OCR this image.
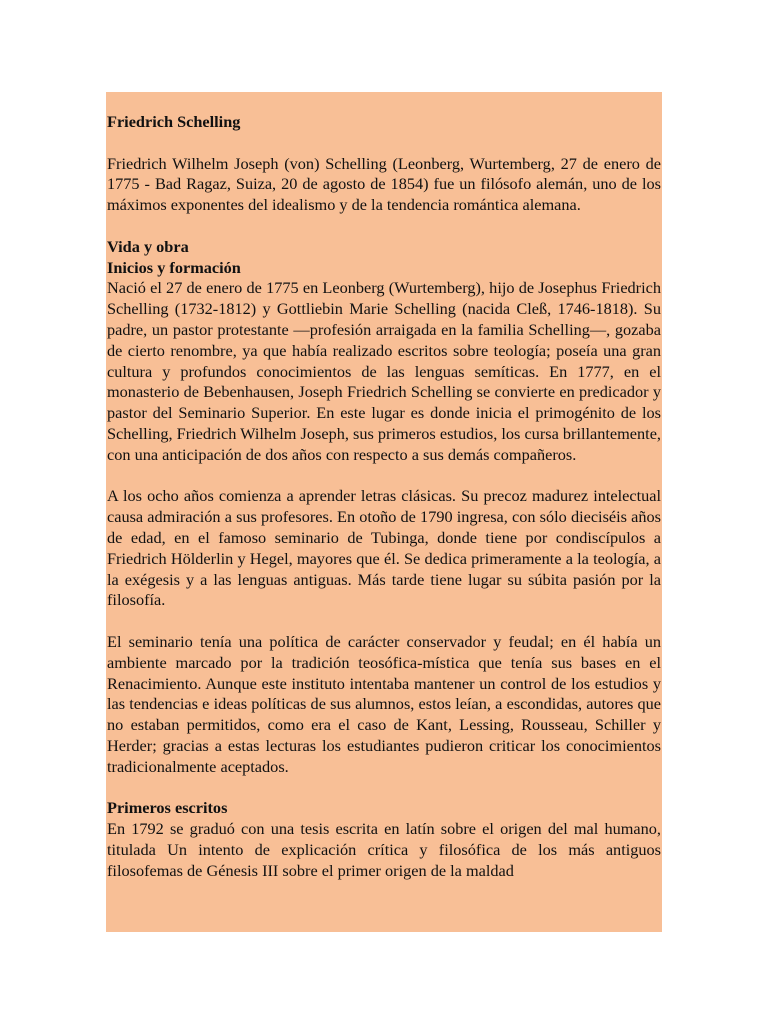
Friedrich Schelling

Friedrich Wilhelm Joseph (von) Schelling (Leonberg, Wurtemberg, 27 de enero de 1775 - Bad Ragaz, Suiza, 20 de agosto de 1854) fue un filósofo alemán, uno de los máximos exponentes del idealismo y de la tendencia romántica alemana.

Vida y obra
Inicios y formación

Nació el 27 de enero de 1775 en Leonberg (Wurtemberg), hijo de Josephus Friedrich Schelling (1732-1812) y Gottliebin Marie Schelling (nacida Cleß, 1746-1818). Su padre, un pastor protestante —profesión arraigada en la familia Schelling—, gozaba de cierto renombre, ya que había realizado escritos sobre teología; poseía una gran cultura y profundos conocimientos de las lenguas semíticas. En 1777, en el monasterio de Bebenhausen, Joseph Friedrich Schelling se convierte en predicador y pastor del Seminario Superior. En este lugar es donde inicia el primogénito de los Schelling, Friedrich Wilhelm Joseph, sus primeros estudios, los cursa brillantemente, con una anticipación de dos años con respecto a sus demás compañeros.

A los ocho años comienza a aprender letras clásicas. Su precoz madurez intelectual causa admiración a sus profesores. En otoño de 1790 ingresa, con sólo dieciséis años de edad, en el famoso seminario de Tubinga, donde tiene por condiscípulos a Friedrich Hölderlin y Hegel, mayores que él. Se dedica primeramente a la teología, a la exégesis y a las lenguas antiguas. Más tarde tiene lugar su súbita pasión por la filosofía.

El seminario tenía una política de carácter conservador y feudal; en él había un ambiente marcado por la tradición teosófica-mística que tenía sus bases en el Renacimiento. Aunque este instituto intentaba mantener un control de los estudios y las tendencias e ideas políticas de sus alumnos, estos leían, a escondidas, autores que no estaban permitidos, como era el caso de Kant, Lessing, Rousseau, Schiller y Herder; gracias a estas lecturas los estudiantes pudieron criticar los conocimientos tradicionalmente aceptados.

Primeros escritos

En 1792 se graduó con una tesis escrita en latín sobre el origen del mal humano, titulada Un intento de explicación crítica y filosófica de los más antiguos filosofemas de Génesis III sobre el primer origen de la maldad
